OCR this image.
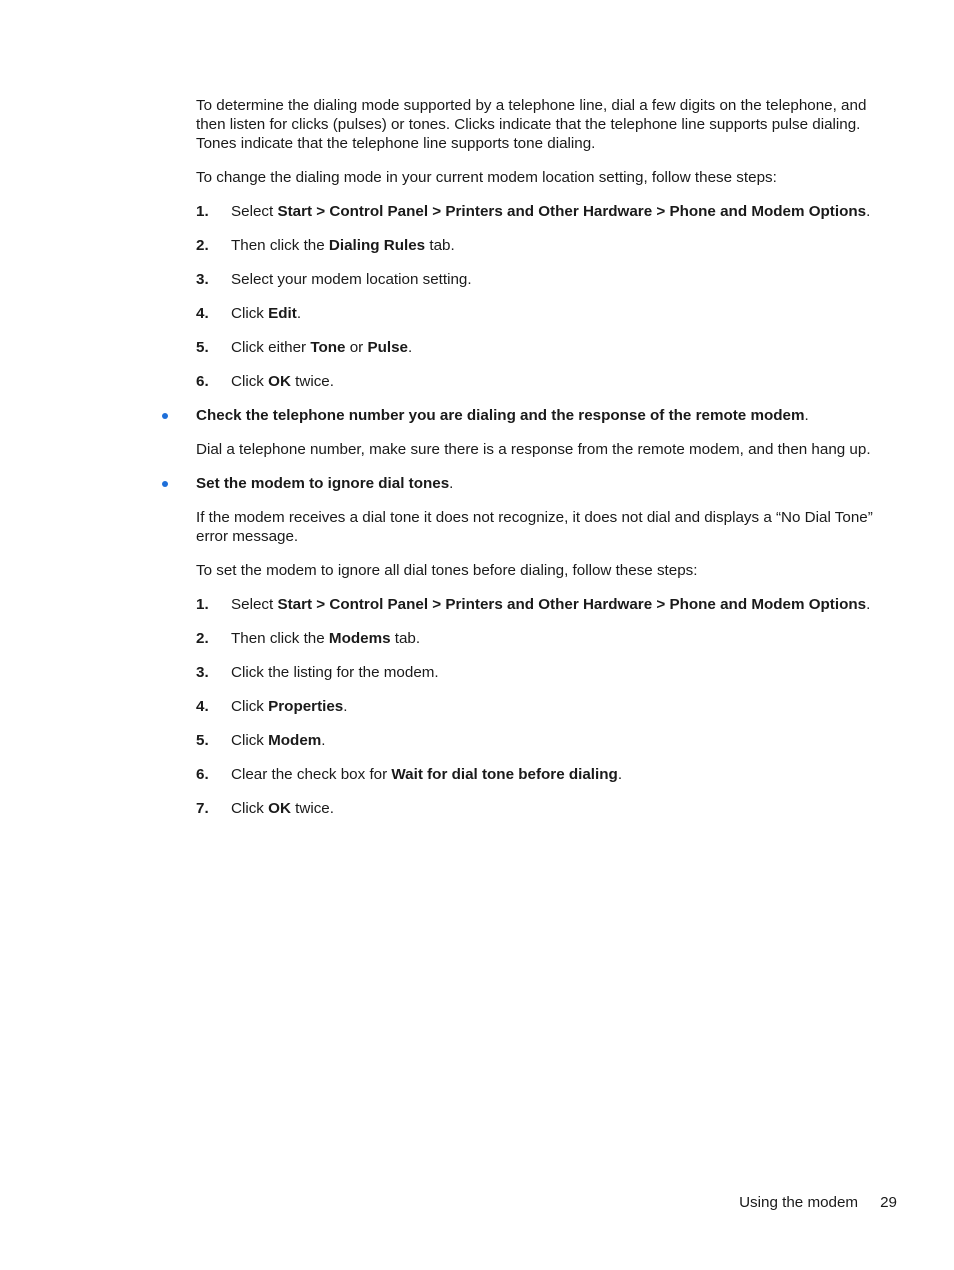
To determine the dialing mode supported by a telephone line, dial a few digits on the telephone, and then listen for clicks (pulses) or tones. Clicks indicate that the telephone line supports pulse dialing. Tones indicate that the telephone line supports tone dialing.

To change the dialing mode in your current modem location setting, follow these steps:

1. Select Start > Control Panel > Printers and Other Hardware > Phone and Modem Options.
2. Then click the Dialing Rules tab.
3. Select your modem location setting.
4. Click Edit.
5. Click either Tone or Pulse.
6. Click OK twice.
Check the telephone number you are dialing and the response of the remote modem.

Dial a telephone number, make sure there is a response from the remote modem, and then hang up.

Set the modem to ignore dial tones.

If the modem receives a dial tone it does not recognize, it does not dial and displays a “No Dial Tone” error message.

To set the modem to ignore all dial tones before dialing, follow these steps:

1. Select Start > Control Panel > Printers and Other Hardware > Phone and Modem Options.
2. Then click the Modems tab.
3. Click the listing for the modem.
4. Click Properties.
5. Click Modem.
6. Clear the check box for Wait for dial tone before dialing.
7. Click OK twice.
Using the modem 29
